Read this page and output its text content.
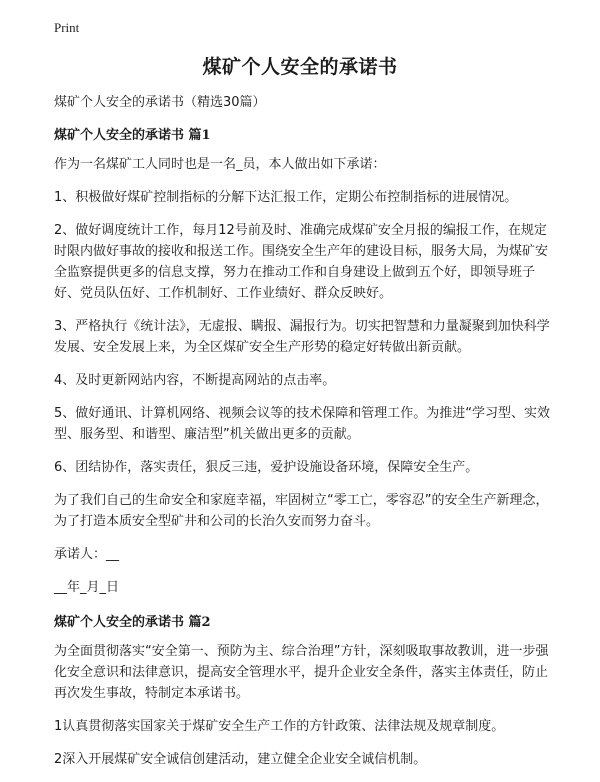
Print
煤矿个人安全的承诺书

煤矿个人安全的承诺书（精选30篇）

煤矿个人安全的承诺书 篇1

作为一名煤矿工人同时也是一名_员，本人做出如下承诺：

1、积极做好煤矿控制指标的分解下达汇报工作，定期公布控制指标的进展情况。

2、做好调度统计工作，每月12号前及时、准确完成煤矿安全月报的编报工作，在规定时限内做好事故的接收和报送工作。围绕安全生产年的建设目标，服务大局，为煤矿安全监察提供更多的信息支撑，努力在推动工作和自身建设上做到五个好，即领导班子好、党员队伍好、工作机制好、工作业绩好、群众反映好。

3、严格执行《统计法》，无虚报、瞒报、漏报行为。切实把智慧和力量凝聚到加快科学发展、安全发展上来，为全区煤矿安全生产形势的稳定好转做出新贡献。

4、及时更新网站内容，不断提高网站的点击率。

5、做好通讯、计算机网络、视频会议等的技术保障和管理工作。为推进“学习型、实效型、服务型、和谐型、廉洁型”机关做出更多的贡献。

6、团结协作，落实责任，狠反三违，爱护设施设备环境，保障安全生产。

为了我们自己的生命安全和家庭幸福，牢固树立“零工亡，零容忍”的安全生产新理念，为了打造本质安全型矿井和公司的长治久安而努力奋斗。

承诺人：__

__年_月_日

煤矿个人安全的承诺书 篇2

为全面贯彻落实“安全第一、预防为主、综合治理”方针，深刻吸取事故教训，进一步强化安全意识和法律意识，提高安全管理水平，提升企业安全条件，落实主体责任，防止再次发生事故，特制定本承诺书。

1认真贯彻落实国家关于煤矿安全生产工作的方针政策、法律法规及规章制度。

2深入开展煤矿安全诚信创建活动，建立健全企业安全诚信机制。
